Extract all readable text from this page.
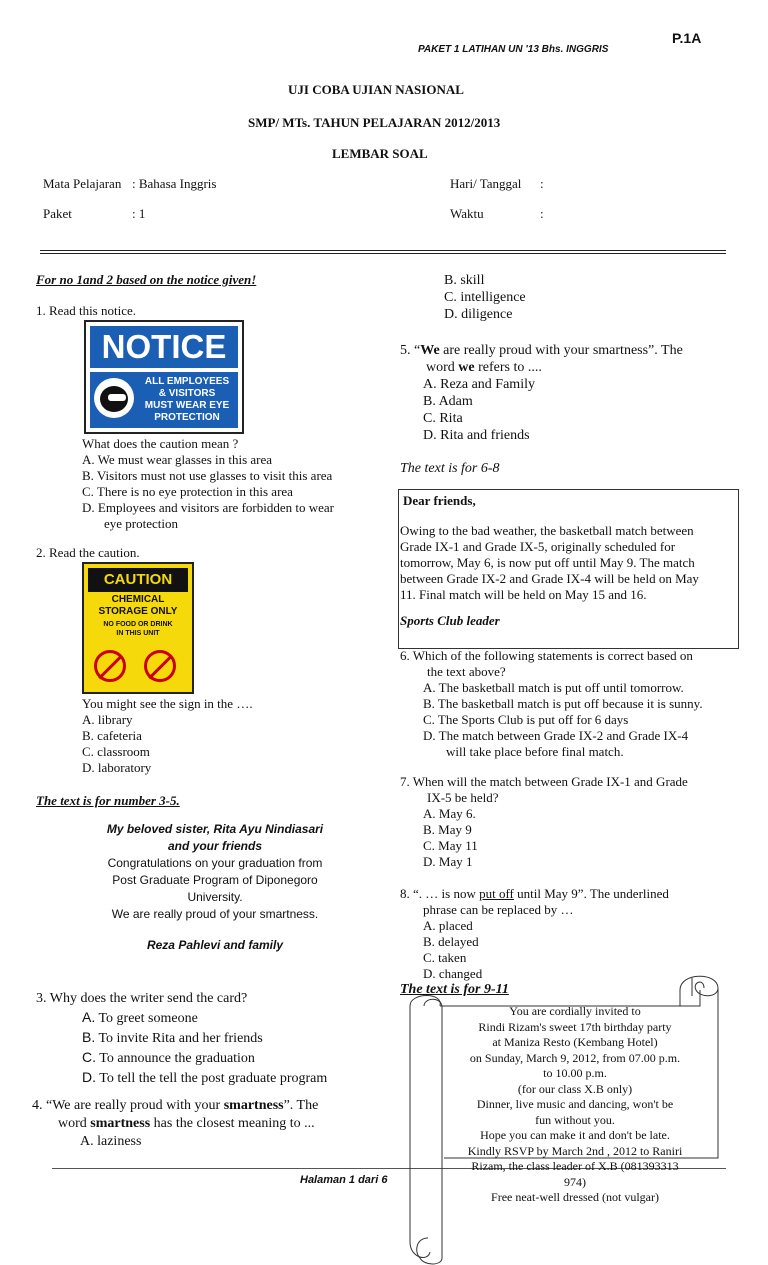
PAKET 1 LATIHAN UN '13 Bhs. INGGRIS
P.1A
UJI COBA UJIAN NASIONAL
SMP/ MTs. TAHUN PELAJARAN 2012/2013
LEMBAR SOAL
Mata Pelajaran : Bahasa Inggris
Paket	: 1
Hari/ Tanggal :
Waktu	:
For no 1and 2 based on the notice given!
1. Read this notice.
NOTICE
ALL EMPLOYEES
& VISITORS
MUST WEAR EYE
PROTECTION
What does the caution mean ?
A. We must wear glasses in this area
B. Visitors must not use glasses to visit this area
C. There is no eye protection in this area
D. Employees and visitors are forbidden to wear
eye protection
2. Read the caution.
CAUTION
CHEMICAL
STORAGE ONLY
NO FOOD OR DRINK
IN THIS UNIT
You might see the sign in the ….
A. library
B. cafeteria
C. classroom
D. laboratory
The text is for number 3-5.
My beloved sister, Rita Ayu Nindiasari
and your friends
Congratulations on your graduation from
Post Graduate Program of Diponegoro
University.
We are really proud of your smartness.
Reza Pahlevi and family
3. Why does the writer send the card?
A. To greet someone
B. To invite Rita and her friends
C. To announce the graduation
D. To tell the tell the post graduate program
4. “We are really proud with your smartness”. The
word smartness has the closest meaning to ...
A. laziness
Halaman 1 dari 6
B. skill
C. intelligence
D. diligence
5. “We are really proud with your smartness”. The
word we refers to ....
A. Reza and Family
B. Adam
C. Rita
D. Rita and friends
The text is for 6-8
Dear friends,
Owing to the bad weather, the basketball match between
Grade IX-1 and Grade IX-5, originally scheduled for
tomorrow, May 6, is now put off until May 9. The match
between Grade IX-2 and Grade IX-4 will be held on May
11. Final match will be held on May 15 and 16.
Sports Club leader
6. Which of the following statements is correct based on
the text above?
A. The basketball match is put off until tomorrow.
B. The basketball match is put off because it is sunny.
C. The Sports Club is put off for 6 days
D. The match between Grade IX-2 and Grade IX-4
will take place before final match.
7. When will the match between Grade IX-1 and Grade
IX-5 be held?
A. May 6.
B. May 9
C. May 11
D. May 1
8. “. … is now put off until May 9”. The underlined
phrase can be replaced by …
A. placed
B. delayed
C. taken
D. changed
The text is for 9-11
You are cordially invited to
Rindi Rizam's sweet 17th birthday party
at Maniza Resto (Kembang Hotel)
on Sunday, March 9, 2012, from 07.00 p.m.
to 10.00 p.m.
(for our class X.B only)
Dinner, live music and dancing, won't be
fun without you.
Hope you can make it and don't be late.
Kindly RSVP by March 2nd , 2012 to Raniri
Rizam, the class leader of X.B (081393313
974)
Free neat-well dressed (not vulgar)
